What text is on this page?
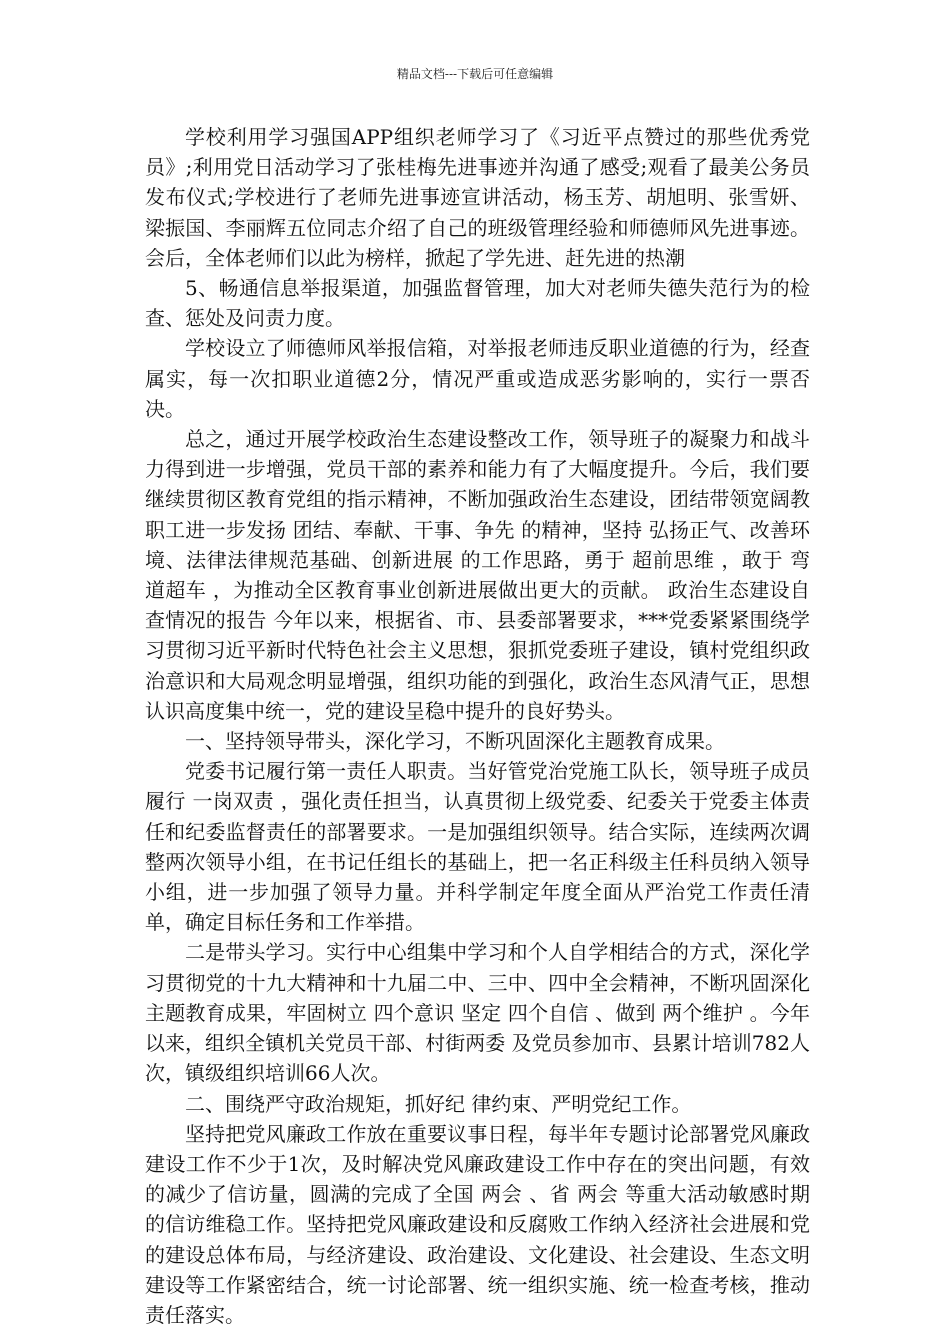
精品文档---下载后可任意编辑

学校利用学习强国APP组织老师学习了《习近平点赞过的那些优秀党员》;利用党日活动学习了张桂梅先进事迹并沟通了感受;观看了最美公务员发布仪式;学校进行了老师先进事迹宣讲活动，杨玉芳、胡旭明、张雪妍、梁振国、李丽辉五位同志介绍了自己的班级管理经验和师德师风先进事迹。会后，全体老师们以此为榜样，掀起了学先进、赶先进的热潮

5、畅通信息举报渠道，加强监督管理，加大对老师失德失范行为的检查、惩处及问责力度。

学校设立了师德师风举报信箱，对举报老师违反职业道德的行为，经查属实，每一次扣职业道德2分，情况严重或造成恶劣影响的，实行一票否决。

总之，通过开展学校政治生态建设整改工作，领导班子的凝聚力和战斗力得到进一步增强，党员干部的素养和能力有了大幅度提升。今后，我们要继续贯彻区教育党组的指示精神，不断加强政治生态建设，团结带领宽阔教职工进一步发扬 团结、奉献、干事、争先 的精神，坚持 弘扬正气、改善环境、法律法律规范基础、创新进展 的工作思路，勇于 超前思维 ，敢于 弯道超车 ，为推动全区教育事业创新进展做出更大的贡献。 政治生态建设自查情况的报告 今年以来，根据省、市、县委部署要求，***党委紧紧围绕学习贯彻习近平新时代特色社会主义思想，狠抓党委班子建设，镇村党组织政治意识和大局观念明显增强，组织功能的到强化，政治生态风清气正，思想认识高度集中统一，党的建设呈稳中提升的良好势头。

一、坚持领导带头，深化学习，不断巩固深化主题教育成果。

党委书记履行第一责任人职责。当好管党治党施工队长，领导班子成员履行 一岗双责 ，强化责任担当，认真贯彻上级党委、纪委关于党委主体责任和纪委监督责任的部署要求。一是加强组织领导。结合实际，连续两次调整两次领导小组，在书记任组长的基础上，把一名正科级主任科员纳入领导小组，进一步加强了领导力量。并科学制定年度全面从严治党工作责任清单，确定目标任务和工作举措。

二是带头学习。实行中心组集中学习和个人自学相结合的方式，深化学习贯彻党的十九大精神和十九届二中、三中、四中全会精神，不断巩固深化主题教育成果，牢固树立 四个意识 坚定 四个自信 、做到 两个维护 。今年以来，组织全镇机关党员干部、村街两委 及党员参加市、县累计培训782人次，镇级组织培训66人次。

二、围绕严守政治规矩，抓好纪 律约束、严明党纪工作。

坚持把党风廉政工作放在重要议事日程，每半年专题讨论部署党风廉政建设工作不少于1次，及时解决党风廉政建设工作中存在的突出问题，有效的减少了信访量，圆满的完成了全国 两会 、省 两会 等重大活动敏感时期的信访维稳工作。坚持把党风廉政建设和反腐败工作纳入经济社会进展和党的建设总体布局，与经济建设、政治建设、文化建设、社会建设、生态文明建设等工作紧密结合，统一讨论部署、统一组织实施、统一检查考核，推动责任落实。
